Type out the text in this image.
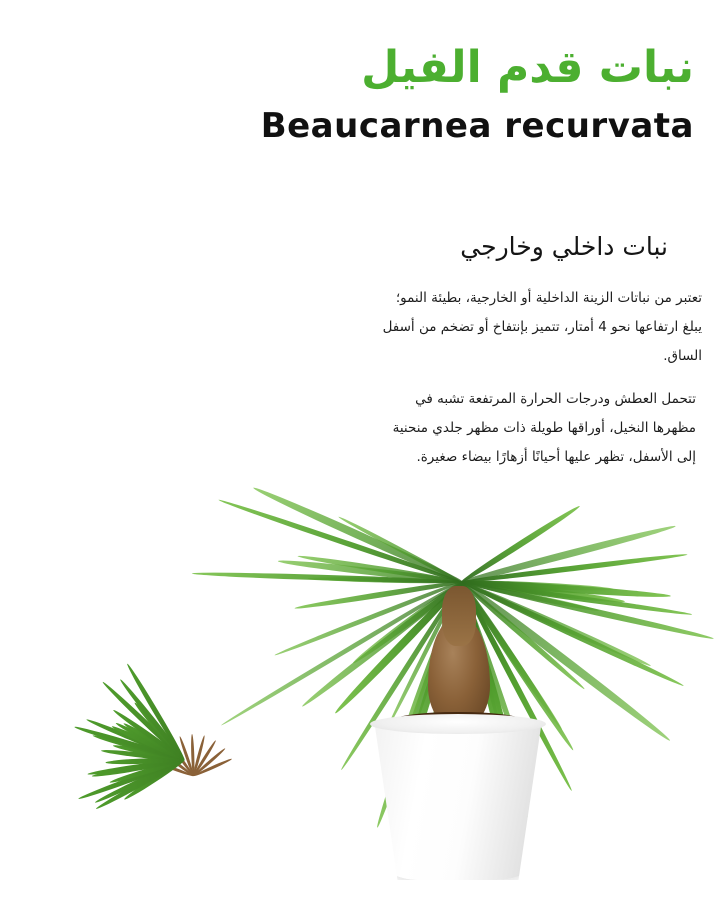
نبات قدم الفيل
Beaucarnea recurvata
نبات داخلي وخارجي

تعتبر من نباتات الزينة الداخلية أو الخارجية، بطيئة النمو؛ يبلغ ارتفاعها نحو 4 أمتار، تتميز بإنتفاخ أو تضخم من أسفل الساق.

تتحمل العطش ودرجات الحرارة المرتفعة تشبه في مظهرها النخيل، أوراقها طويلة ذات مظهر جلدي منحنية إلى الأسفل، تظهر عليها أحيانًا أزهارًا بيضاء صغيرة.
